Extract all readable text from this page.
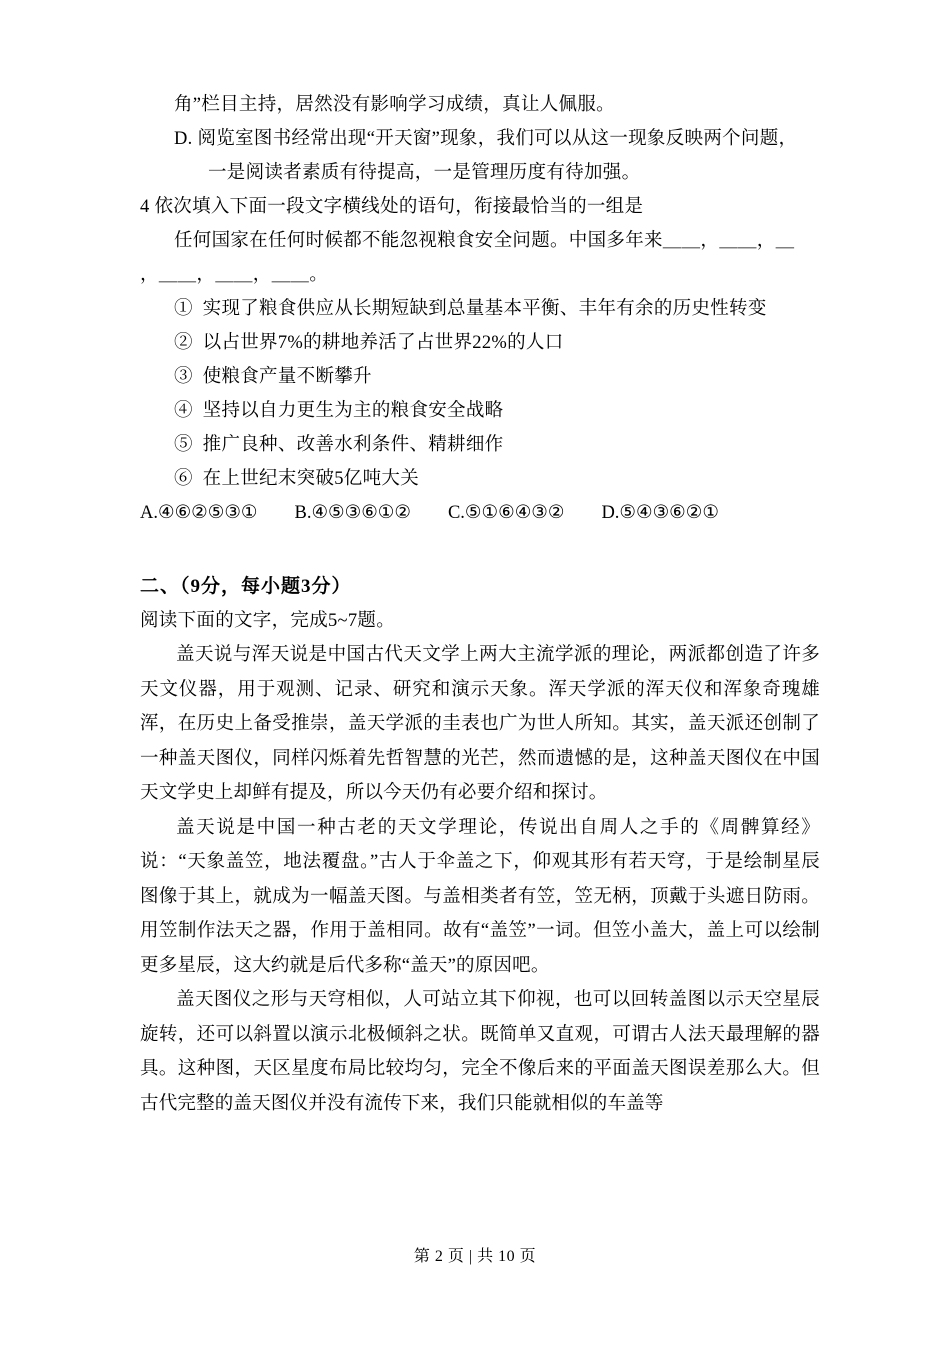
角”栏目主持，居然没有影响学习成绩，真让人佩服。
D. 阅览室图书经常出现“开天窗”现象，我们可以从这一现象反映两个问题，
一是阅读者素质有待提高，一是管理历度有待加强。
4 依次填入下面一段文字横线处的语句，衔接最恰当的一组是
任何国家在任何时候都不能忽视粮食安全问题。中国多年来＿＿，＿＿，＿
，＿＿，＿＿，＿＿。
①  实现了粮食供应从长期短缺到总量基本平衡、丰年有余的历史性转变
②  以占世界7%的耕地养活了占世界22%的人口
③  使粮食产量不断攀升
④  坚持以自力更生为主的粮食安全战略
⑤  推广良种、改善水利条件、精耕细作
⑥  在上世纪末突破5亿吨大关
A.④⑥②⑤③①        B.④⑤③⑥①②        C.⑤①⑥④③②        D.⑤④③⑥②①
二、（9分，每小题3分）
阅读下面的文字，完成5~7题。
盖天说与浑天说是中国古代天文学上两大主流学派的理论，两派都创造了许多天文仪器，用于观测、记录、研究和演示天象。浑天学派的浑天仪和浑象奇瑰雄浑，在历史上备受推崇，盖天学派的圭表也广为世人所知。其实，盖天派还创制了一种盖天图仪，同样闪烁着先哲智慧的光芒，然而遗憾的是，这种盖天图仪在中国天文学史上却鲜有提及，所以今天仍有必要介绍和探讨。
盖天说是中国一种古老的天文学理论，传说出自周人之手的《周髀算经》说：“天象盖笠，地法覆盘。”古人于伞盖之下，仰观其形有若天穹，于是绘制星辰图像于其上，就成为一幅盖天图。与盖相类者有笠，笠无柄，顶戴于头遮日防雨。用笠制作法天之器，作用于盖相同。故有“盖笠”一词。但笠小盖大，盖上可以绘制更多星辰，这大约就是后代多称“盖天”的原因吧。
盖天图仪之形与天穹相似，人可站立其下仰视，也可以回转盖图以示天空星辰旋转，还可以斜置以演示北极倾斜之状。既简单又直观，可谓古人法天最理解的器具。这种图，天区星度布局比较均匀，完全不像后来的平面盖天图误差那么大。但古代完整的盖天图仪并没有流传下来，我们只能就相似的车盖等
第 2 页 | 共 10 页
